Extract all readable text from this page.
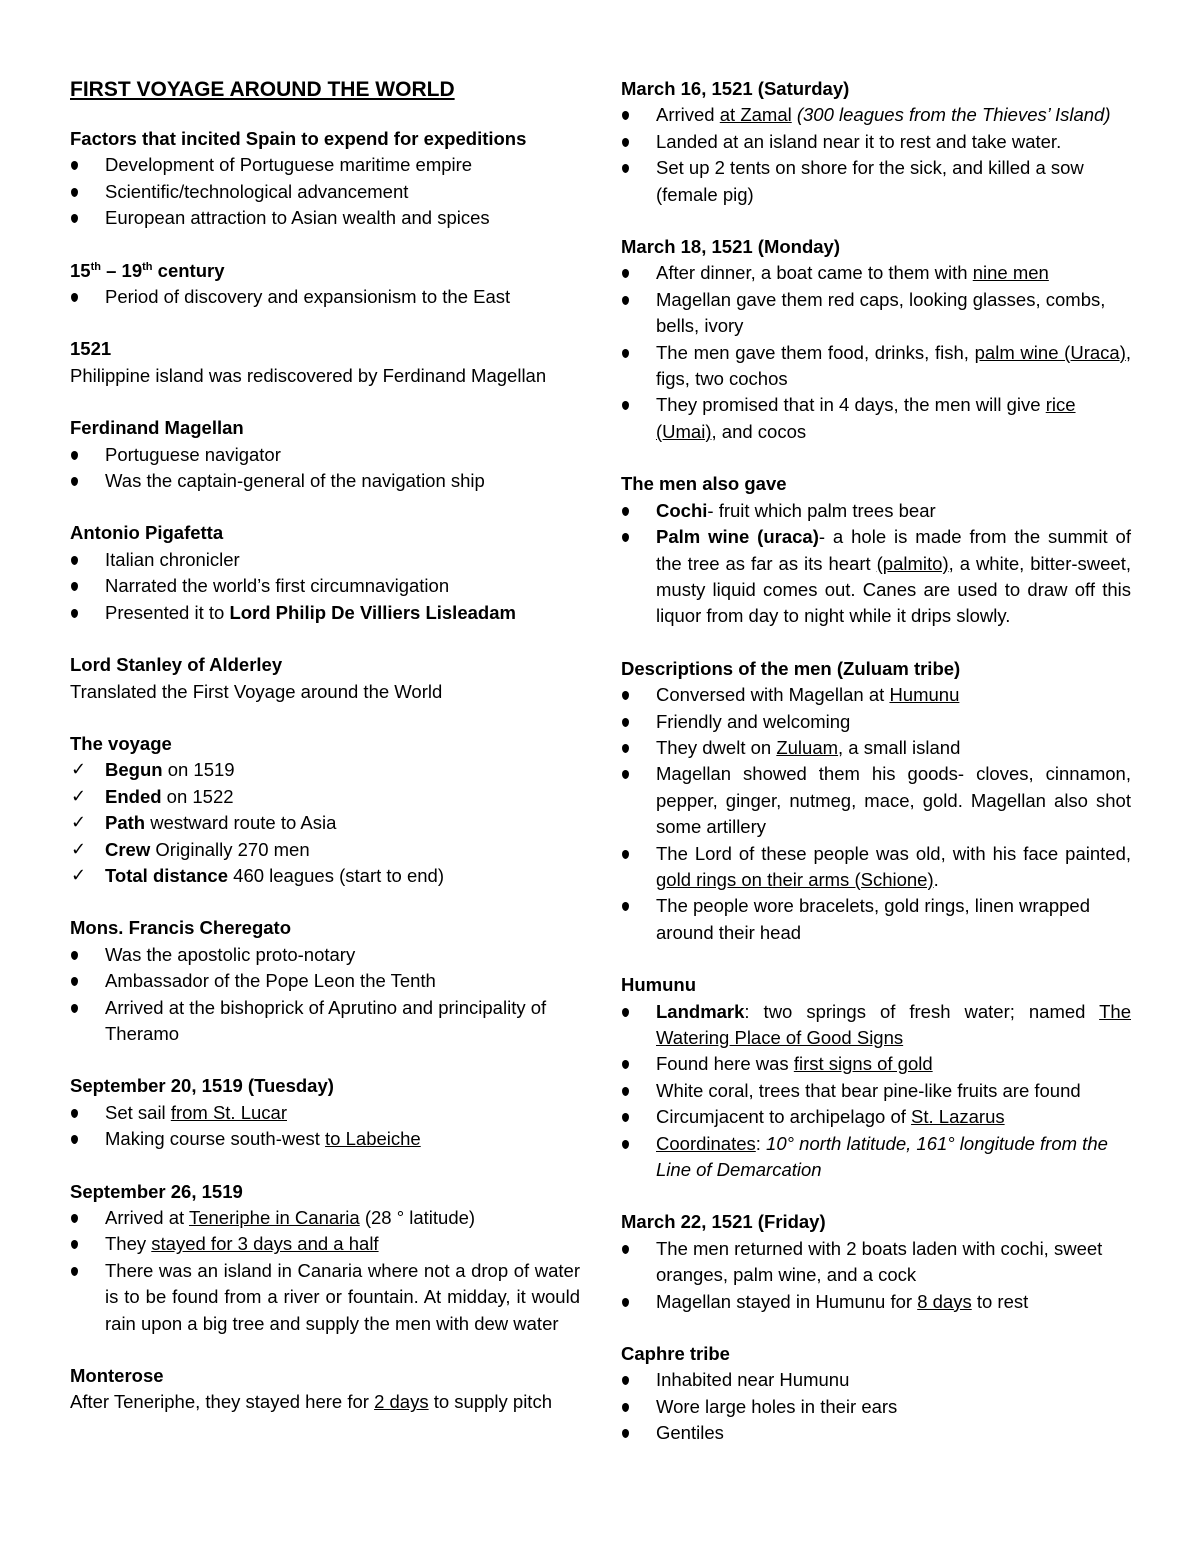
FIRST VOYAGE AROUND THE WORLD

Factors that incited Spain to expend for expeditions

Development of Portuguese maritime empire
Scientific/technological advancement
European attraction to Asian wealth and spices

15th – 19th century

Period of discovery and expansionism to the East

1521

Philippine island was rediscovered by Ferdinand Magellan

Ferdinand Magellan

Portuguese navigator
Was the captain-general of the navigation ship

Antonio Pigafetta

Italian chronicler
Narrated the world’s first circumnavigation
Presented it to Lord Philip De Villiers Lisleadam

Lord Stanley of Alderley

Translated the First Voyage around the World

The voyage

✓ Begun on 1519
✓ Ended on 1522
✓ Path westward route to Asia
✓ Crew Originally 270 men
✓ Total distance 460 leagues (start to end)

Mons. Francis Cheregato

Was the apostolic proto-notary
Ambassador of the Pope Leon the Tenth
Arrived at the bishoprick of Aprutino and principality of Theramo

September 20, 1519 (Tuesday)

Set sail from St. Lucar
Making course south-west to Labeiche

September 26, 1519

Arrived at Teneriphe in Canaria (28 ° latitude)
They stayed for 3 days and a half
There was an island in Canaria where not a drop of water is to be found from a river or fountain. At midday, it would rain upon a big tree and supply the men with dew water

Monterose

After Teneriphe, they stayed here for 2 days to supply pitch

March 16, 1521 (Saturday)

Arrived at Zamal (300 leagues from the Thieves’ Island)
Landed at an island near it to rest and take water.
Set up 2 tents on shore for the sick, and killed a sow (female pig)

March 18, 1521 (Monday)

After dinner, a boat came to them with nine men
Magellan gave them red caps, looking glasses, combs, bells, ivory
The men gave them food, drinks, fish, palm wine (Uraca), figs, two cochos
They promised that in 4 days, the men will give rice (Umai), and cocos

The men also gave

Cochi- fruit which palm trees bear
Palm wine (uraca)- a hole is made from the summit of the tree as far as its heart (palmito), a white, bitter-sweet, musty liquid comes out. Canes are used to draw off this liquor from day to night while it drips slowly.

Descriptions of the men (Zuluam tribe)

Conversed with Magellan at Humunu
Friendly and welcoming
They dwelt on Zuluam, a small island
Magellan showed them his goods- cloves, cinnamon, pepper, ginger, nutmeg, mace, gold. Magellan also shot some artillery
The Lord of these people was old, with his face painted, gold rings on their arms (Schione).
The people wore bracelets, gold rings, linen wrapped around their head

Humunu

Landmark: two springs of fresh water; named The Watering Place of Good Signs
Found here was first signs of gold
White coral, trees that bear pine-like fruits are found
Circumjacent to archipelago of St. Lazarus
Coordinates: 10° north latitude, 161° longitude from the Line of Demarcation

March 22, 1521 (Friday)

The men returned with 2 boats laden with cochi, sweet oranges, palm wine, and a cock
Magellan stayed in Humunu for 8 days to rest

Caphre tribe

Inhabited near Humunu
Wore large holes in their ears
Gentiles
